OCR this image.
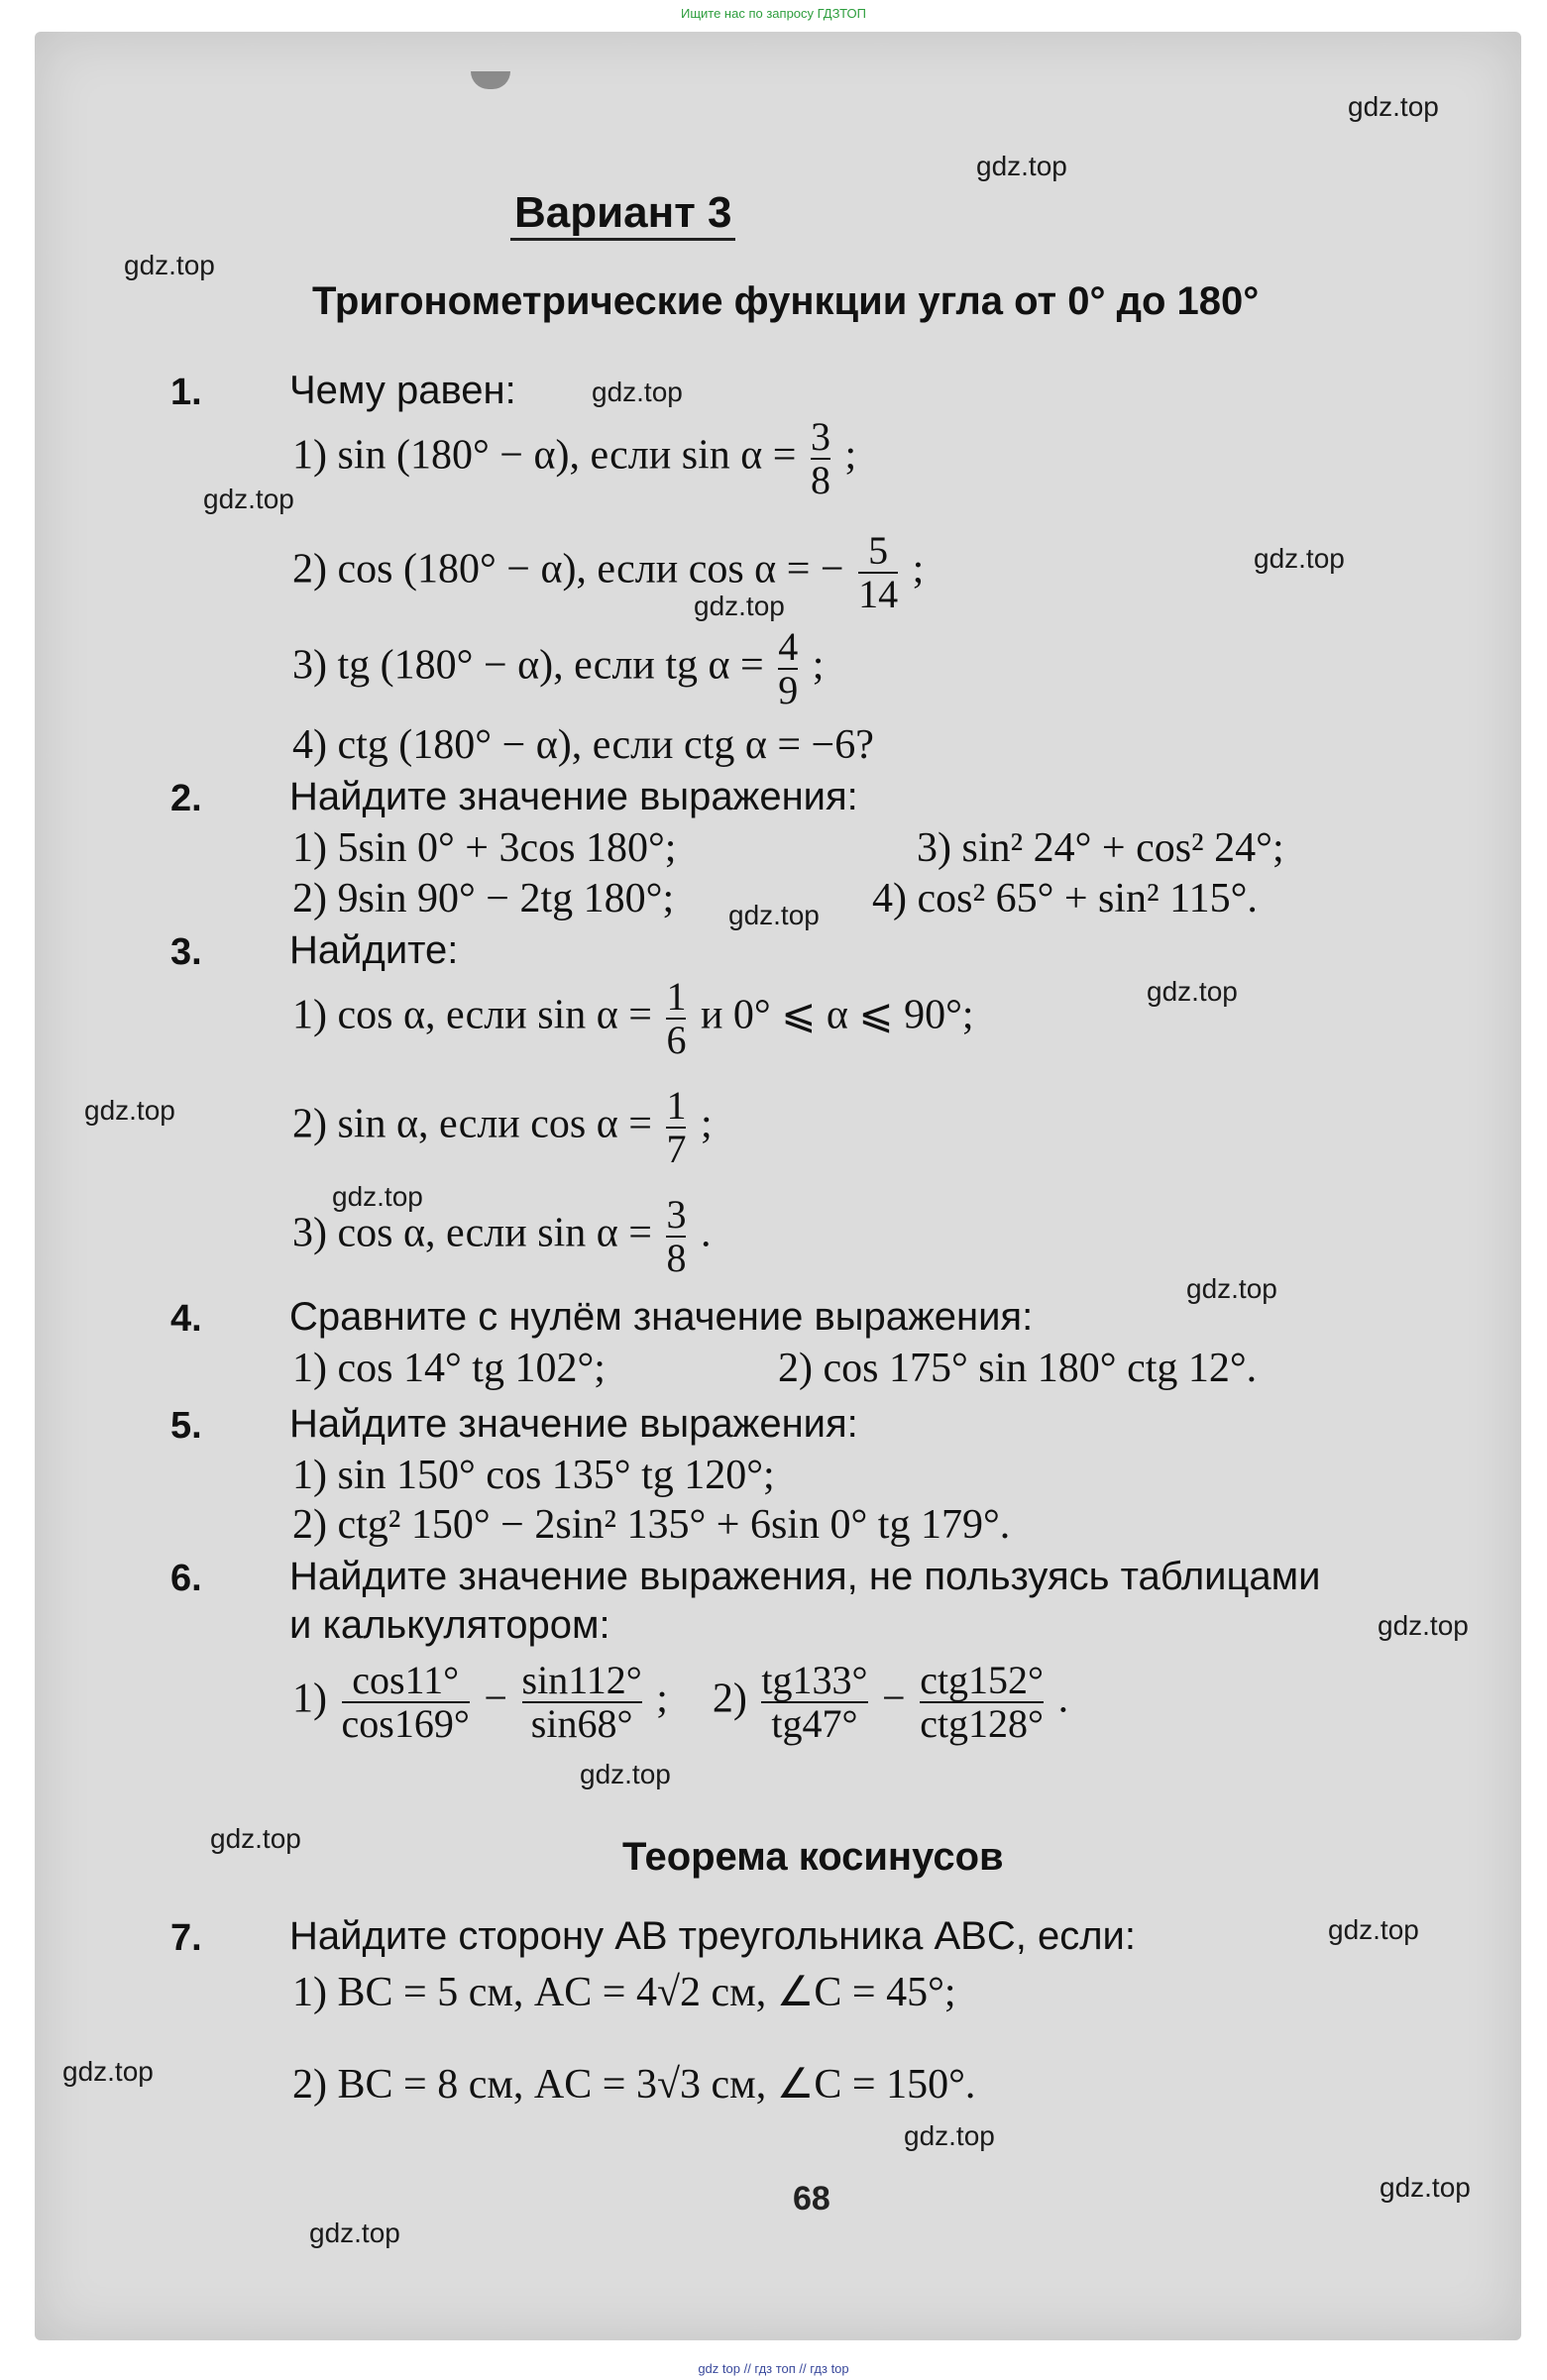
Ищите нас по запросу ГДЗТОП
Вариант 3
Тригонометрические функции угла от 0° до 180°
1. Чему равен:
1) sin (180° − α), если $\sin \alpha = \frac{3}{8}$ ;
2) cos (180° − α), если cos α = − $\frac{5}{14}$ ;
3) tg (180° − α), если tg $\alpha = \frac{4}{9}$ ;
4) ctg (180° − α), если ctg α = −6?
2. Найдите значение выражения:
1) 5sin 0° + 3cos 180°;	3) sin² 24° + cos² 24°;
2) 9sin 90° − 2tg 180°;	4) cos² 65° + sin² 115°.
3. Найдите:
1) cos α, если $\sin \alpha = \frac{1}{6}$ и 0° ⩽ α ⩽ 90°;
2) sin α, если $\cos \alpha = \frac{1}{7}$ ;
3) cos α, если $\sin \alpha = \frac{3}{8}$ .
4. Сравните с нулём значение выражения:
1) cos 14° tg 102°;	2) cos 175° sin 180° ctg 12°.
5. Найдите значение выражения:
1) sin 150° cos 135° tg 120°;
2) ctg² 150° − 2sin² 135° + 6sin 0° tg 179°.
6. Найдите значение выражения, не пользуясь таблицами
и калькулятором:
$1) \frac{\cos 11^\circ}{\cos 169^\circ} - \frac{\sin 112^\circ}{\sin 68^\circ}$ ; $2) \frac{tg133^\circ}{tg47^\circ} - \frac{\text{ctg152°}}{\text{ctg128°}}$ .
Теорема косинусов
7. Найдите сторону AB треугольника ABC, если:
1) BC = 5 см, AC = 4√2 см, ∠C = 45°;
2) BC = 8 см, AC = 3√3 см, ∠C = 150°.
68
gdz.top
gdz.top
gdz.top
gdz.top
gdz.top
gdz.top
gdz.top
gdz.top
gdz.top
gdz.top
gdz.top
gdz.top
gdz.top
gdz.top
gdz.top
gdz.top
gdz.top
gdz.top
gdz.top
gdz.top
gdz top // гдз топ // гдз top
